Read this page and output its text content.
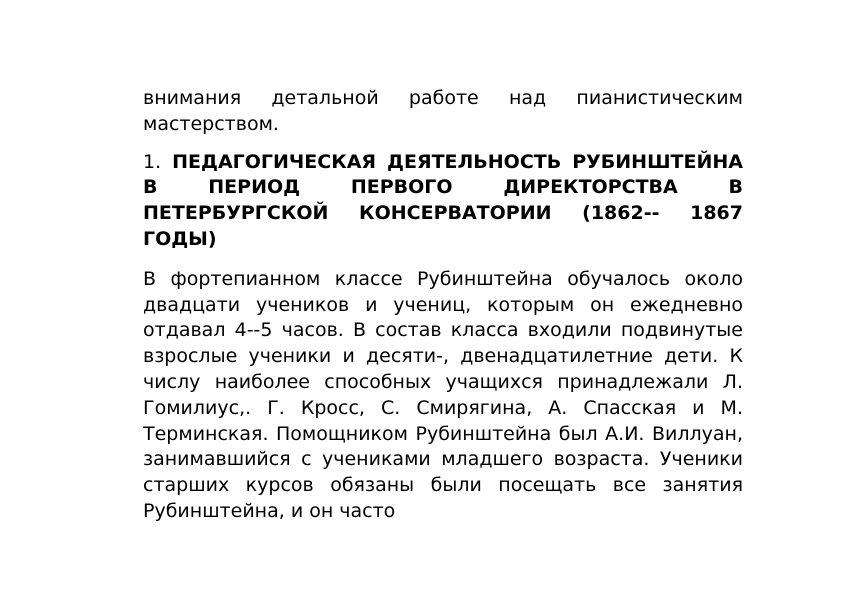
внимания детальной работе над пианистическим мастерством.

1. ПЕДАГОГИЧЕСКАЯ ДЕЯТЕЛЬНОСТЬ РУБИНШТЕЙНА В ПЕРИОД ПЕРВОГО ДИРЕКТОРСТВА В ПЕТЕРБУРГСКОЙ КОНСЕРВАТОРИИ (1862-- 1867 ГОДЫ)

В фортепианном классе Рубинштейна обучалось около двадцати учеников и учениц, которым он ежедневно отдавал 4--5 часов. В состав класса входили подвинутые взрослые ученики и десяти-, двенадцатилетние дети. К числу наиболее способных учащихся принадлежали Л. Гомилиус,. Г. Кросс, С. Смирягина, А. Спасская и М. Терминская. Помощником Рубинштейна был А.И. Виллуан, занимавшийся с учениками младшего возраста. Ученики старших курсов обязаны были посещать все занятия Рубинштейна, и он часто
